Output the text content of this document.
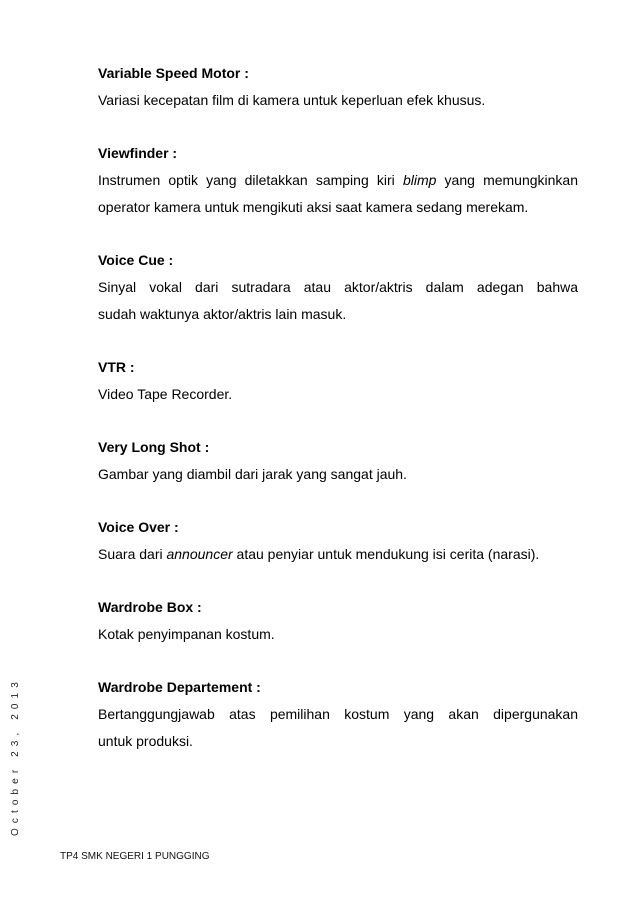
Variable Speed Motor :
Variasi kecepatan film di kamera untuk keperluan efek khusus.
Viewfinder :
Instrumen optik yang diletakkan samping kiri blimp yang memungkinkan
operator kamera untuk mengikuti aksi saat kamera sedang merekam.
Voice Cue :
Sinyal vokal dari sutradara atau aktor/aktris dalam adegan bahwa
sudah waktunya aktor/aktris lain masuk.
VTR :
Video Tape Recorder.
Very Long Shot :
Gambar yang diambil dari jarak yang sangat jauh.
Voice Over :
Suara dari announcer atau penyiar untuk mendukung isi cerita (narasi).
Wardrobe Box :
Kotak penyimpanan kostum.
Wardrobe Departement :
Bertanggungjawab atas pemilihan kostum yang akan dipergunakan
untuk produksi.
October 23, 2013
TP4 SMK NEGERI 1 PUNGGING
